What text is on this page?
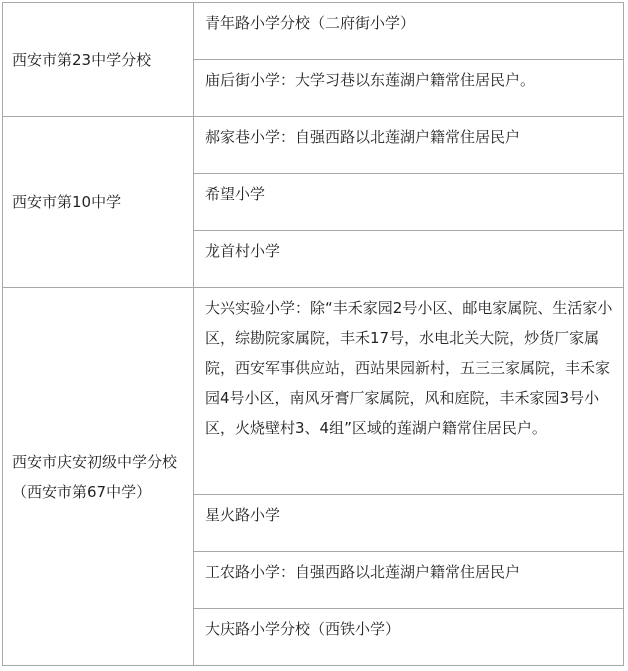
西安市第23中学分校	青年路小学分校（二府街小学）
	庙后街小学：大学习巷以东莲湖户籍常住居民户。
西安市第10中学	郝家巷小学：自强西路以北莲湖户籍常住居民户
	希望小学
	龙首村小学
西安市庆安初级中学分校（西安市第67中学）	大兴实验小学：除“丰禾家园2号小区、邮电家属院、生活家小区，综勘院家属院，丰禾17号，水电北关大院，炒货厂家属院，西安军事供应站，西站果园新村，五三三家属院，丰禾家园4号小区，南风牙膏厂家属院，风和庭院，丰禾家园3号小区，火烧壁村3、4组”区域的莲湖户籍常住居民户。
	星火路小学
	工农路小学：自强西路以北莲湖户籍常住居民户
	大庆路小学分校（西铁小学）
